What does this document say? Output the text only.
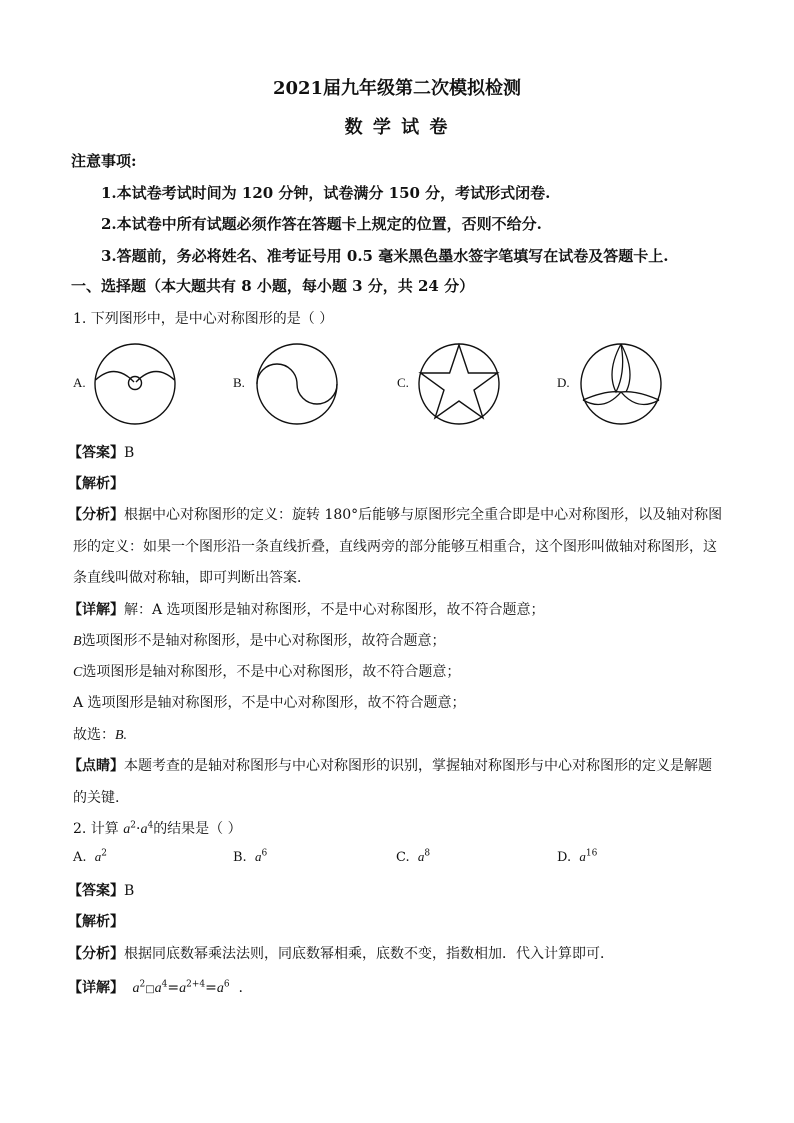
2021届九年级第二次模拟检测
数 学 试 卷
注意事项:
1.本试卷考试时间为 120 分钟，试卷满分 150 分，考试形式闭卷.
2.本试卷中所有试题必须作答在答题卡上规定的位置，否则不给分.
3.答题前，务必将姓名、准考证号用 0.5 毫米黑色墨水签字笔填写在试卷及答题卡上.
一、选择题（本大题共有 8 小题，每小题 3 分，共 24 分）
1. 下列图形中，是中心对称图形的是（ ）
A.	B.	C.	D.
【答案】B
【解析】
【分析】根据中心对称图形的定义：旋转 180°后能够与原图形完全重合即是中心对称图形，以及轴对称图
形的定义：如果一个图形沿一条直线折叠，直线两旁的部分能够互相重合，这个图形叫做轴对称图形，这
条直线叫做对称轴，即可判断出答案．
【详解】解：A 选项图形是轴对称图形，不是中心对称图形，故不符合题意；
B选项图形不是轴对称图形，是中心对称图形，故符合题意；
C选项图形是轴对称图形，不是中心对称图形，故不符合题意；
A 选项图形是轴对称图形，不是中心对称图形，故不符合题意；
故选：B.
【点睛】本题考查的是轴对称图形与中心对称图形的识别，掌握轴对称图形与中心对称图形的定义是解题
的关键.
2. 计算 $a^2\cdot a^4$的结果是（ ）
A. $a^2$	B. $a^6$	C. $a^8$	D. $a^{16}$
【答案】B
【解析】
【分析】根据同底数幂乘法法则，同底数幂相乘，底数不变，指数相加．代入计算即可．
【详解】 $a^2□a^4=a^{2+4}=a^6$ .
